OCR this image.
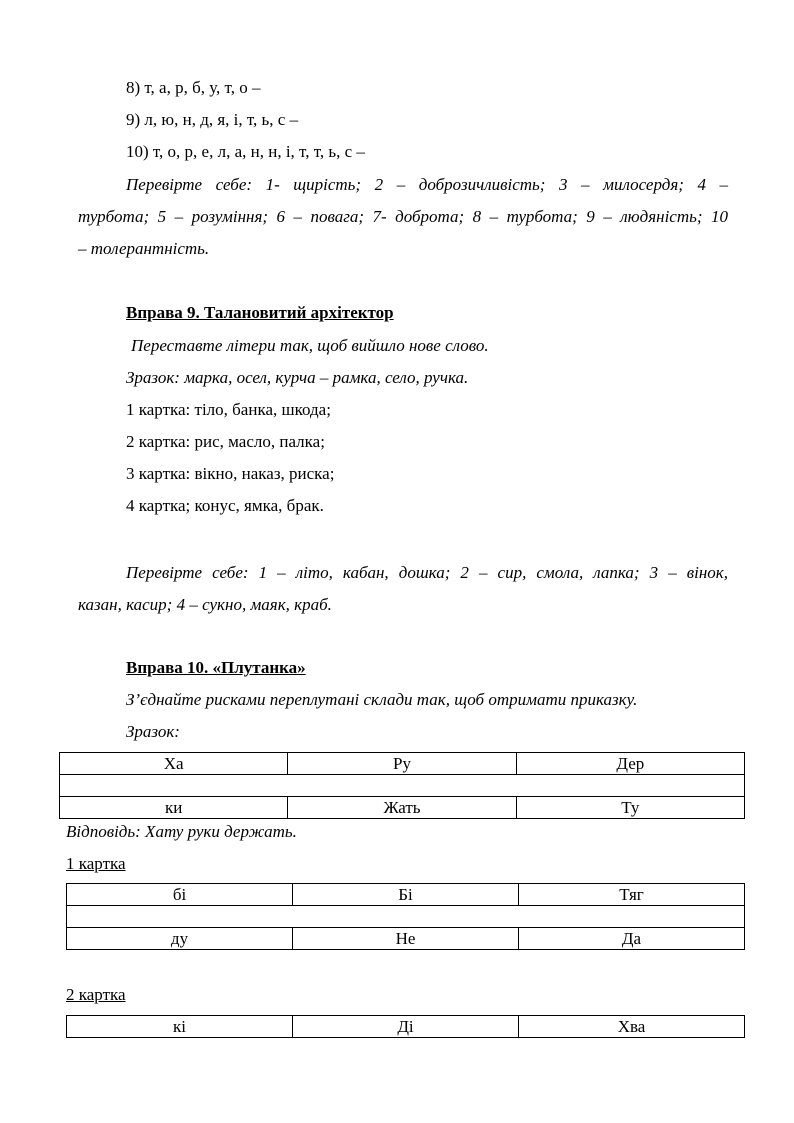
8) т, а, р, б, у, т, о –
9) л, ю, н, д, я, і, т, ь, с –
10) т, о, р, е, л, а, н, н, і, т, т, ь, с –
Перевірте себе: 1- щирість; 2 – доброзичливість; 3 – милосердя; 4 –
турбота; 5 – розуміння; 6 – повага; 7- доброта; 8 – турбота; 9 – людяність; 10
– толерантність.
Вправа 9. Талановитий архітектор
Переставте літери так, щоб вийшло нове слово.
Зразок: марка, осел, курча – рамка, село, ручка.
1 картка: тіло, банка, шкода;
2 картка: рис, масло, палка;
3 картка: вікно, наказ, риска;
4 картка; конус, ямка, брак.
Перевірте себе: 1 – літо, кабан, дошка; 2 – сир, смола, лапка; 3 – вінок,
казан, касир; 4 – сукно, маяк, краб.
Вправа 10. «Плутанка»
З’єднайте рисками переплутані склади так, щоб отримати приказку.
Зразок:
Ха	Ру	Дер

ки	Жать	Ту
Відповідь: Хату руки держать.
1 картка
бі	Бі	Тяг

ду	Не	Да
2 картка
кі	Ді	Хва
